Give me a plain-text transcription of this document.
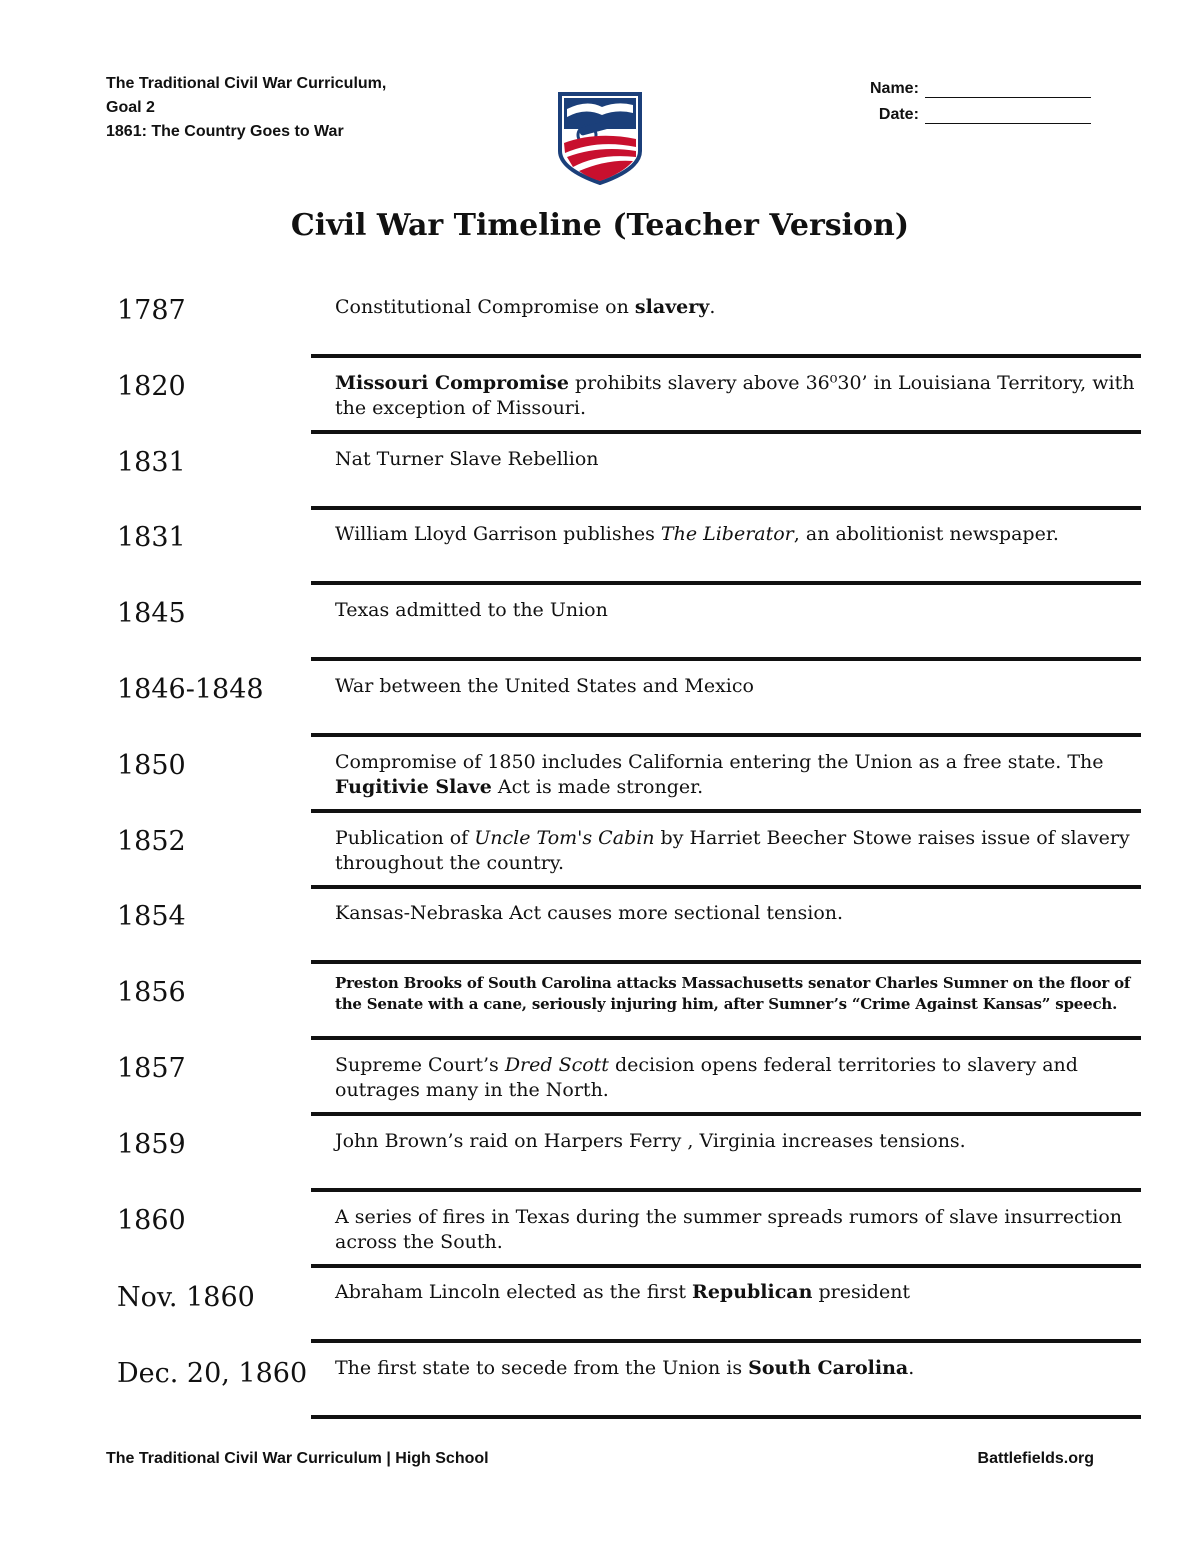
The Traditional Civil War Curriculum,
Goal 2
1861: The Country Goes to War
Name:
Date:
Civil War Timeline (Teacher Version)
1787	Constitutional Compromise on slavery.
1820	Missouri Compromise prohibits slavery above 36⁰30’ in Louisiana Territory, with the exception of Missouri.
1831	Nat Turner Slave Rebellion
1831	William Lloyd Garrison publishes The Liberator, an abolitionist newspaper.
1845	Texas admitted to the Union
1846-1848	War between the United States and Mexico
1850	Compromise of 1850 includes California entering the Union as a free state. The Fugitivie Slave Act is made stronger.
1852	Publication of Uncle Tom's Cabin by Harriet Beecher Stowe raises issue of slavery throughout the country.
1854	Kansas-Nebraska Act causes more sectional tension.
1856	Preston Brooks of South Carolina attacks Massachusetts senator Charles Sumner on the floor of the Senate with a cane, seriously injuring him, after Sumner’s “Crime Against Kansas” speech.
1857	Supreme Court’s Dred Scott decision opens federal territories to slavery and outrages many in the North.
1859	John Brown’s raid on Harpers Ferry , Virginia increases tensions.
1860	A series of fires in Texas during the summer spreads rumors of slave insurrection across the South.
Nov. 1860	Abraham Lincoln elected as the first Republican president
Dec. 20, 1860 The first state to secede from the Union is South Carolina.
The Traditional Civil War Curriculum | High School	Battlefields.org
